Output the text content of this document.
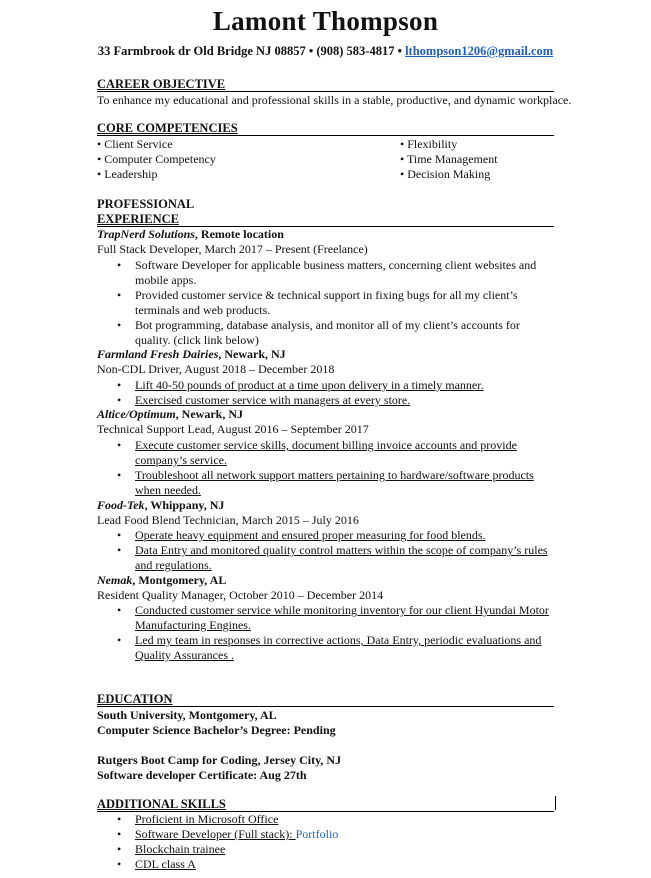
Lamont Thompson
33 Farmbrook dr Old Bridge NJ 08857 • (908) 583-4817 • lthompson1206@gmail.com
CAREER OBJECTIVE
To enhance my educational and professional skills in a stable, productive, and dynamic workplace.
CORE COMPETENCIES
• Client Service
• Computer Competency
• Leadership
• Flexibility
• Time Management
• Decision Making
PROFESSIONAL
EXPERIENCE
TrapNerd Solutions, Remote location
Full Stack Developer, March 2017 – Present (Freelance)
• Software Developer for applicable business matters, concerning client websites and mobile apps.
• Provided customer service & technical support in fixing bugs for all my client’s terminals and web products.
• Bot programming, database analysis, and monitor all of my client’s accounts for quality. (click link below)
Farmland Fresh Dairies, Newark, NJ
Non-CDL Driver, August 2018 – December 2018
• Lift 40-50 pounds of product at a time upon delivery in a timely manner.
• Exercised customer service with managers at every store.
Altice/Optimum, Newark, NJ
Technical Support Lead, August 2016 – September 2017
• Execute customer service skills, document billing invoice accounts and provide company’s service.
• Troubleshoot all network support matters pertaining to hardware/software products when needed.
Food-Tek, Whippany, NJ
Lead Food Blend Technician, March 2015 – July 2016
• Operate heavy equipment and ensured proper measuring for food blends.
• Data Entry and monitored quality control matters within the scope of company’s rules and regulations.
Nemak, Montgomery, AL
Resident Quality Manager, October 2010 – December 2014
• Conducted customer service while monitoring inventory for our client Hyundai Motor Manufacturing Engines.
• Led my team in responses in corrective actions, Data Entry, periodic evaluations and Quality Assurances .
EDUCATION
South University, Montgomery, AL
Computer Science Bachelor’s Degree: Pending
Rutgers Boot Camp for Coding, Jersey City, NJ
Software developer Certificate: Aug 27th
ADDITIONAL SKILLS
• Proficient in Microsoft Office
• Software Developer (Full stack): Portfolio
• Blockchain trainee
• CDL class A
